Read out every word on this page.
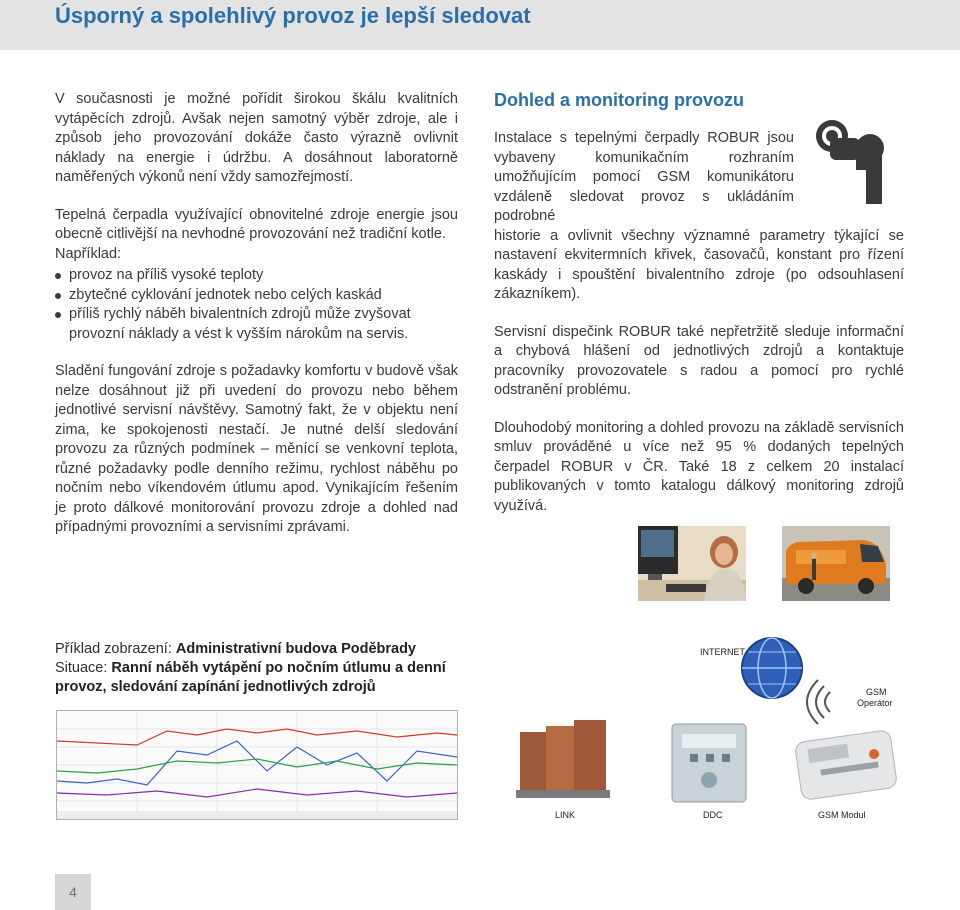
Úsporný a spolehlivý provoz je lepší sledovat

V současnosti je možné pořídit širokou škálu kvalitních vytápěcích zdrojů. Avšak nejen samotný výběr zdroje, ale i způsob jeho provozování dokáže často výrazně ovlivnit náklady na energie i údržbu. A dosáhnout laboratorně naměřených výkonů není vždy samozřejmostí.

Tepelná čerpadla využívající obnovitelné zdroje energie jsou obecně citlivější na nevhodné provozování než tradiční kotle.

Například:

provoz na příliš vysoké teploty
zbytečné cyklování jednotek nebo celých kaskád
příliš rychlý náběh bivalentních zdrojů může zvyšovat provozní náklady a vést k vyšším nárokům na servis.

Sladění fungování zdroje s požadavky komfortu v budově však nelze dosáhnout již při uvedení do provozu nebo během jednotlivé servisní návštěvy. Samotný fakt, že v objektu není zima, ke spokojenosti nestačí. Je nutné delší sledování provozu za různých podmínek – měnící se venkovní teplota, různé požadavky podle denního režimu, rychlost náběhu po nočním nebo víkendovém útlumu apod. Vynikajícím řešením je proto dálkové monitorování provozu zdroje a dohled nad případnými provozními a servisními zprávami.

Dohled a monitoring provozu

Instalace s tepelnými čerpadly ROBUR jsou vybaveny komunikačním rozhraním umožňujícím pomocí GSM komunikátoru vzdáleně sledovat provoz s ukládáním podrobné

historie a ovlivnit všechny významné parametry týkající se nastavení ekvitermních křivek, časovačů, konstant pro řízení kaskády i spouštění bivalentního zdroje (po odsouhlasení zákazníkem).

Servisní dispečink ROBUR také nepřetržitě sleduje informační a chybová hlášení od jednotlivých zdrojů a kontaktuje pracovníky provozovatele s radou a pomocí pro rychlé odstranění problému.

Dlouhodobý monitoring a dohled provozu na základě servisních smluv prováděné u více než 95 % dodaných tepelných čerpadel ROBUR v ČR. Také 18 z celkem 20 instalací publikovaných v tomto katalogu dálkový monitoring zdrojů využívá.

Příklad zobrazení: Administrativní budova Poděbrady
Situace: Ranní náběh vytápění po nočním útlumu a denní provoz, sledování zapínání jednotlivých zdrojů
INTERNET
GSM
Operátor
LINK	DDC	GSM Modul
4
